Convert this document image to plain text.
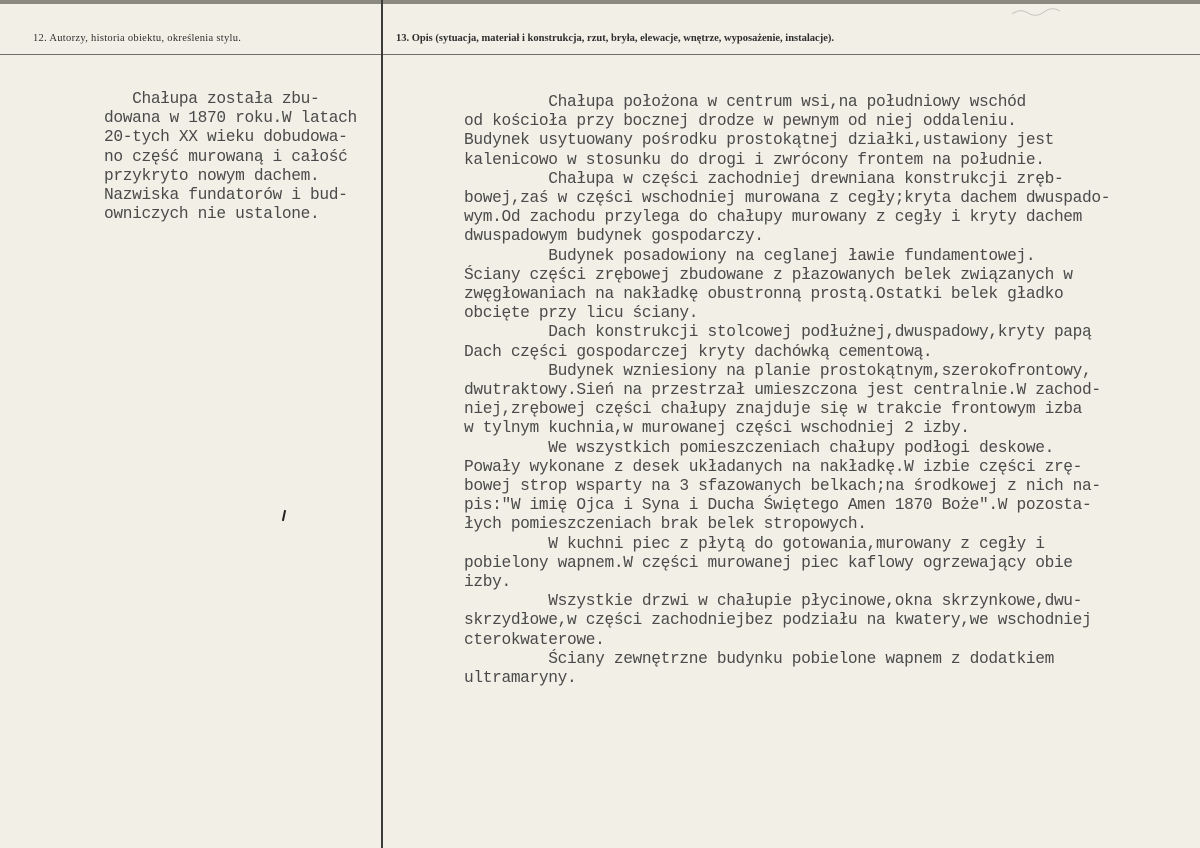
12. Autorzy, historia obiektu, określenia stylu.	13. Opis (sytuacja, materiał i konstrukcja, rzut, bryła, elewacje, wnętrze, wyposażenie, instalacje).
Chałupa została zbu-
dowana w 1870 roku.W latach
20-tych XX wieku dobudowa-
no część murowaną i całość
przykryto nowym dachem.
Nazwiska fundatorów i bud-
owniczych nie ustalone.
Chałupa położona w centrum wsi,na południowy wschód
od kościoła przy bocznej drodze w pewnym od niej oddaleniu.
Budynek usytuowany pośrodku prostokątnej działki,ustawiony jest
kalenicowo w stosunku do drogi i zwrócony frontem na południe.
Chałupa w części zachodniej drewniana konstrukcji zręb-
bowej,zaś w części wschodniej murowana z cegły;kryta dachem dwuspado-
wym.Od zachodu przylega do chałupy murowany z cegły i kryty dachem
dwuspadowym budynek gospodarczy.
Budynek posadowiony na ceglanej ławie fundamentowej.
Ściany części zrębowej zbudowane z płazowanych belek związanych w
zwęgłowaniach na nakładkę obustronną prostą.Ostatki belek gładko
obcięte przy licu ściany.
Dach konstrukcji stolcowej podłużnej,dwuspadowy,kryty papą
Dach części gospodarczej kryty dachówką cementową.
Budynek wzniesiony na planie prostokątnym,szerokofrontowy,
dwutraktowy.Sień na przestrzał umieszczona jest centralnie.W zachod-
niej,zrębowej części chałupy znajduje się w trakcie frontowym izba
w tylnym kuchnia,w murowanej części wschodniej 2 izby.
We wszystkich pomieszczeniach chałupy podłogi deskowe.
Powały wykonane z desek układanych na nakładkę.W izbie części zrę-
bowej strop wsparty na 3 sfazowanych belkach;na środkowej z nich na-
pis:"W imię Ojca i Syna i Ducha Świętego Amen 1870 Boże".W pozosta-
łych pomieszczeniach brak belek stropowych.
W kuchni piec z płytą do gotowania,murowany z cegły i
pobielony wapnem.W części murowanej piec kaflowy ogrzewający obie
izby.
Wszystkie drzwi w chałupie płycinowe,okna skrzynkowe,dwu-
skrzydłowe,w części zachodniejbez podziału na kwatery,we wschodniej
cterokwaterowe.
Ściany zewnętrzne budynku pobielone wapnem z dodatkiem
ultramaryny.
